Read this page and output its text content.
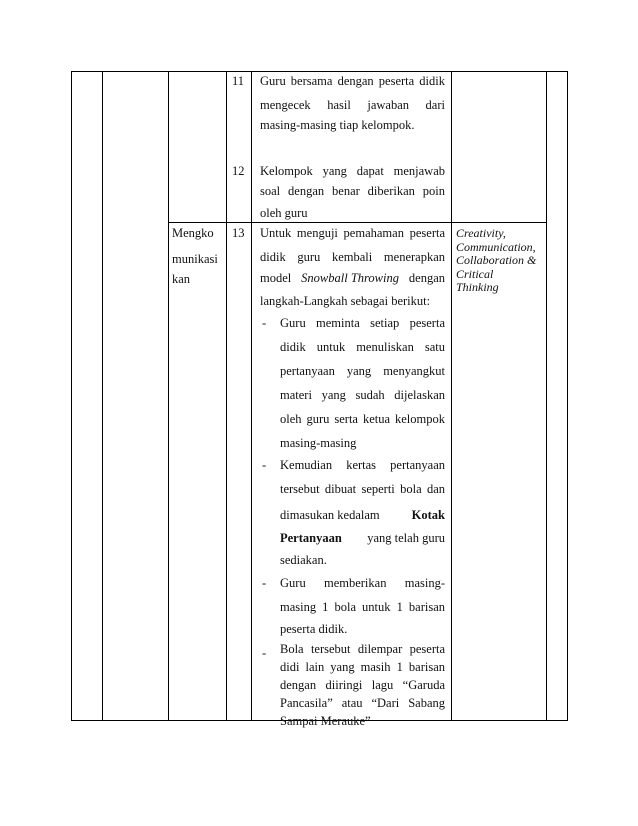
11 Guru bersama dengan peserta didik
mengecek hasil jawaban dari
masing-masing tiap kelompok.
12 Kelompok yang dapat menjawab
soal dengan benar diberikan poin
oleh guru
Mengko
munikasi
kan
13 Untuk menguji pemahaman peserta
didik guru kembali menerapkan
model Snowball Throwing dengan
langkah-Langkah sebagai berikut:
- Guru meminta setiap peserta
didik untuk menuliskan satu
pertanyaan yang menyangkut
materi yang sudah dijelaskan
oleh guru serta ketua kelompok
masing-masing
- Kemudian kertas pertanyaan
tersebut dibuat seperti bola dan
dimasukan kedalam	Kotak
Pertanyaan yang telah guru
sediakan.
- Guru memberikan masing-
masing 1 bola untuk 1 barisan
peserta didik.
- Bola tersebut dilempar peserta
didi lain yang masih 1 barisan
dengan diiringi lagu “Garuda
Pancasila” atau “Dari Sabang
Sampai Merauke”
Creativity,
Communication,
Collaboration &
Critical
Thinking
